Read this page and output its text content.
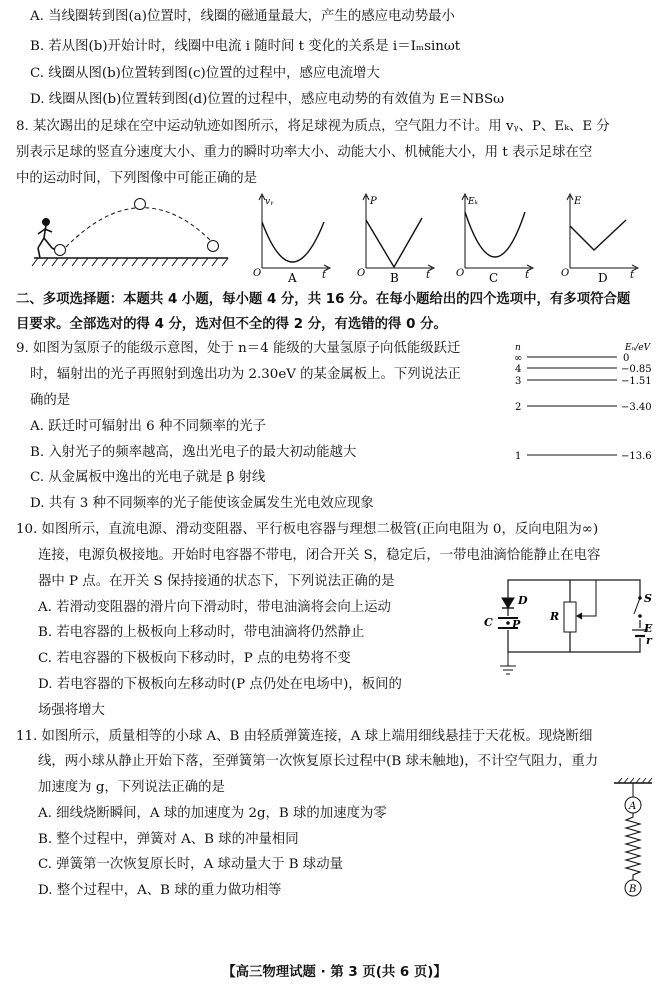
A. 当线圈转到图(a)位置时，线圈的磁通量最大，产生的感应电动势最小
B. 若从图(b)开始计时，线圈中电流 i 随时间 t 变化的关系是 i＝Iₘsinωt
C. 线圈从图(b)位置转到图(c)位置的过程中，感应电流增大
D. 线圈从图(b)位置转到图(d)位置的过程中，感应电动势的有效值为 E＝NBSω
8. 某次踢出的足球在空中运动轨迹如图所示，将足球视为质点，空气阻力不计。用 vᵧ、P、Eₖ、E 分
别表示足球的竖直分速度大小、重力的瞬时功率大小、动能大小、机械能大小，用 t 表示足球在空
中的运动时间，下列图像中可能正确的是
vᵧ
O	t
A
P
O	t
B
Eₖ
O	t
C
E
O	t
D
二、多项选择题：本题共 4 小题，每小题 4 分，共 16 分。在每小题给出的四个选项中，有多项符合题
目要求。全部选对的得 4 分，选对但不全的得 2 分，有选错的得 0 分。
9. 如图为氢原子的能级示意图，处于 n＝4 能级的大量氢原子向低能级跃迁
时，辐射出的光子再照射到逸出功为 2.30eV 的某金属板上。下列说法正
确的是
A. 跃迁时可辐射出 6 种不同频率的光子
B. 入射光子的频率越高，逸出光电子的最大初动能越大
C. 从金属板中逸出的光电子就是 β 射线
D. 共有 3 种不同频率的光子能使该金属发生光电效应现象
n	Eₙ/eV
∞	0
4	−0.85
3	−1.51
2	−3.40
1	−13.6
10. 如图所示，直流电源、滑动变阻器、平行板电容器与理想二极管(正向电阻为 0，反向电阻为∞)
连接，电源负极接地。开始时电容器不带电，闭合开关 S，稳定后，一带电油滴恰能静止在电容
器中 P 点。在开关 S 保持接通的状态下，下列说法正确的是
A. 若滑动变阻器的滑片向下滑动时，带电油滴将会向上运动
B. 若电容器的上极板向上移动时，带电油滴将仍然静止
C. 若电容器的下极板向下移动时，P 点的电势将不变
D. 若电容器的下极板向左移动时(P 点仍处在电场中)，板间的
场强将增大
D
C P
R
S
E
r
11. 如图所示，质量相等的小球 A、B 由轻质弹簧连接，A 球上端用细线悬挂于天花板。现烧断细
线，两小球从静止开始下落，至弹簧第一次恢复原长过程中(B 球未触地)，不计空气阻力，重力
加速度为 g，下列说法正确的是
A. 细线烧断瞬间，A 球的加速度为 2g，B 球的加速度为零
B. 整个过程中，弹簧对 A、B 球的冲量相同
C. 弹簧第一次恢复原长时，A 球动量大于 B 球动量
D. 整个过程中，A、B 球的重力做功相等
A
B
【高三物理试题 · 第 3 页(共 6 页)】
